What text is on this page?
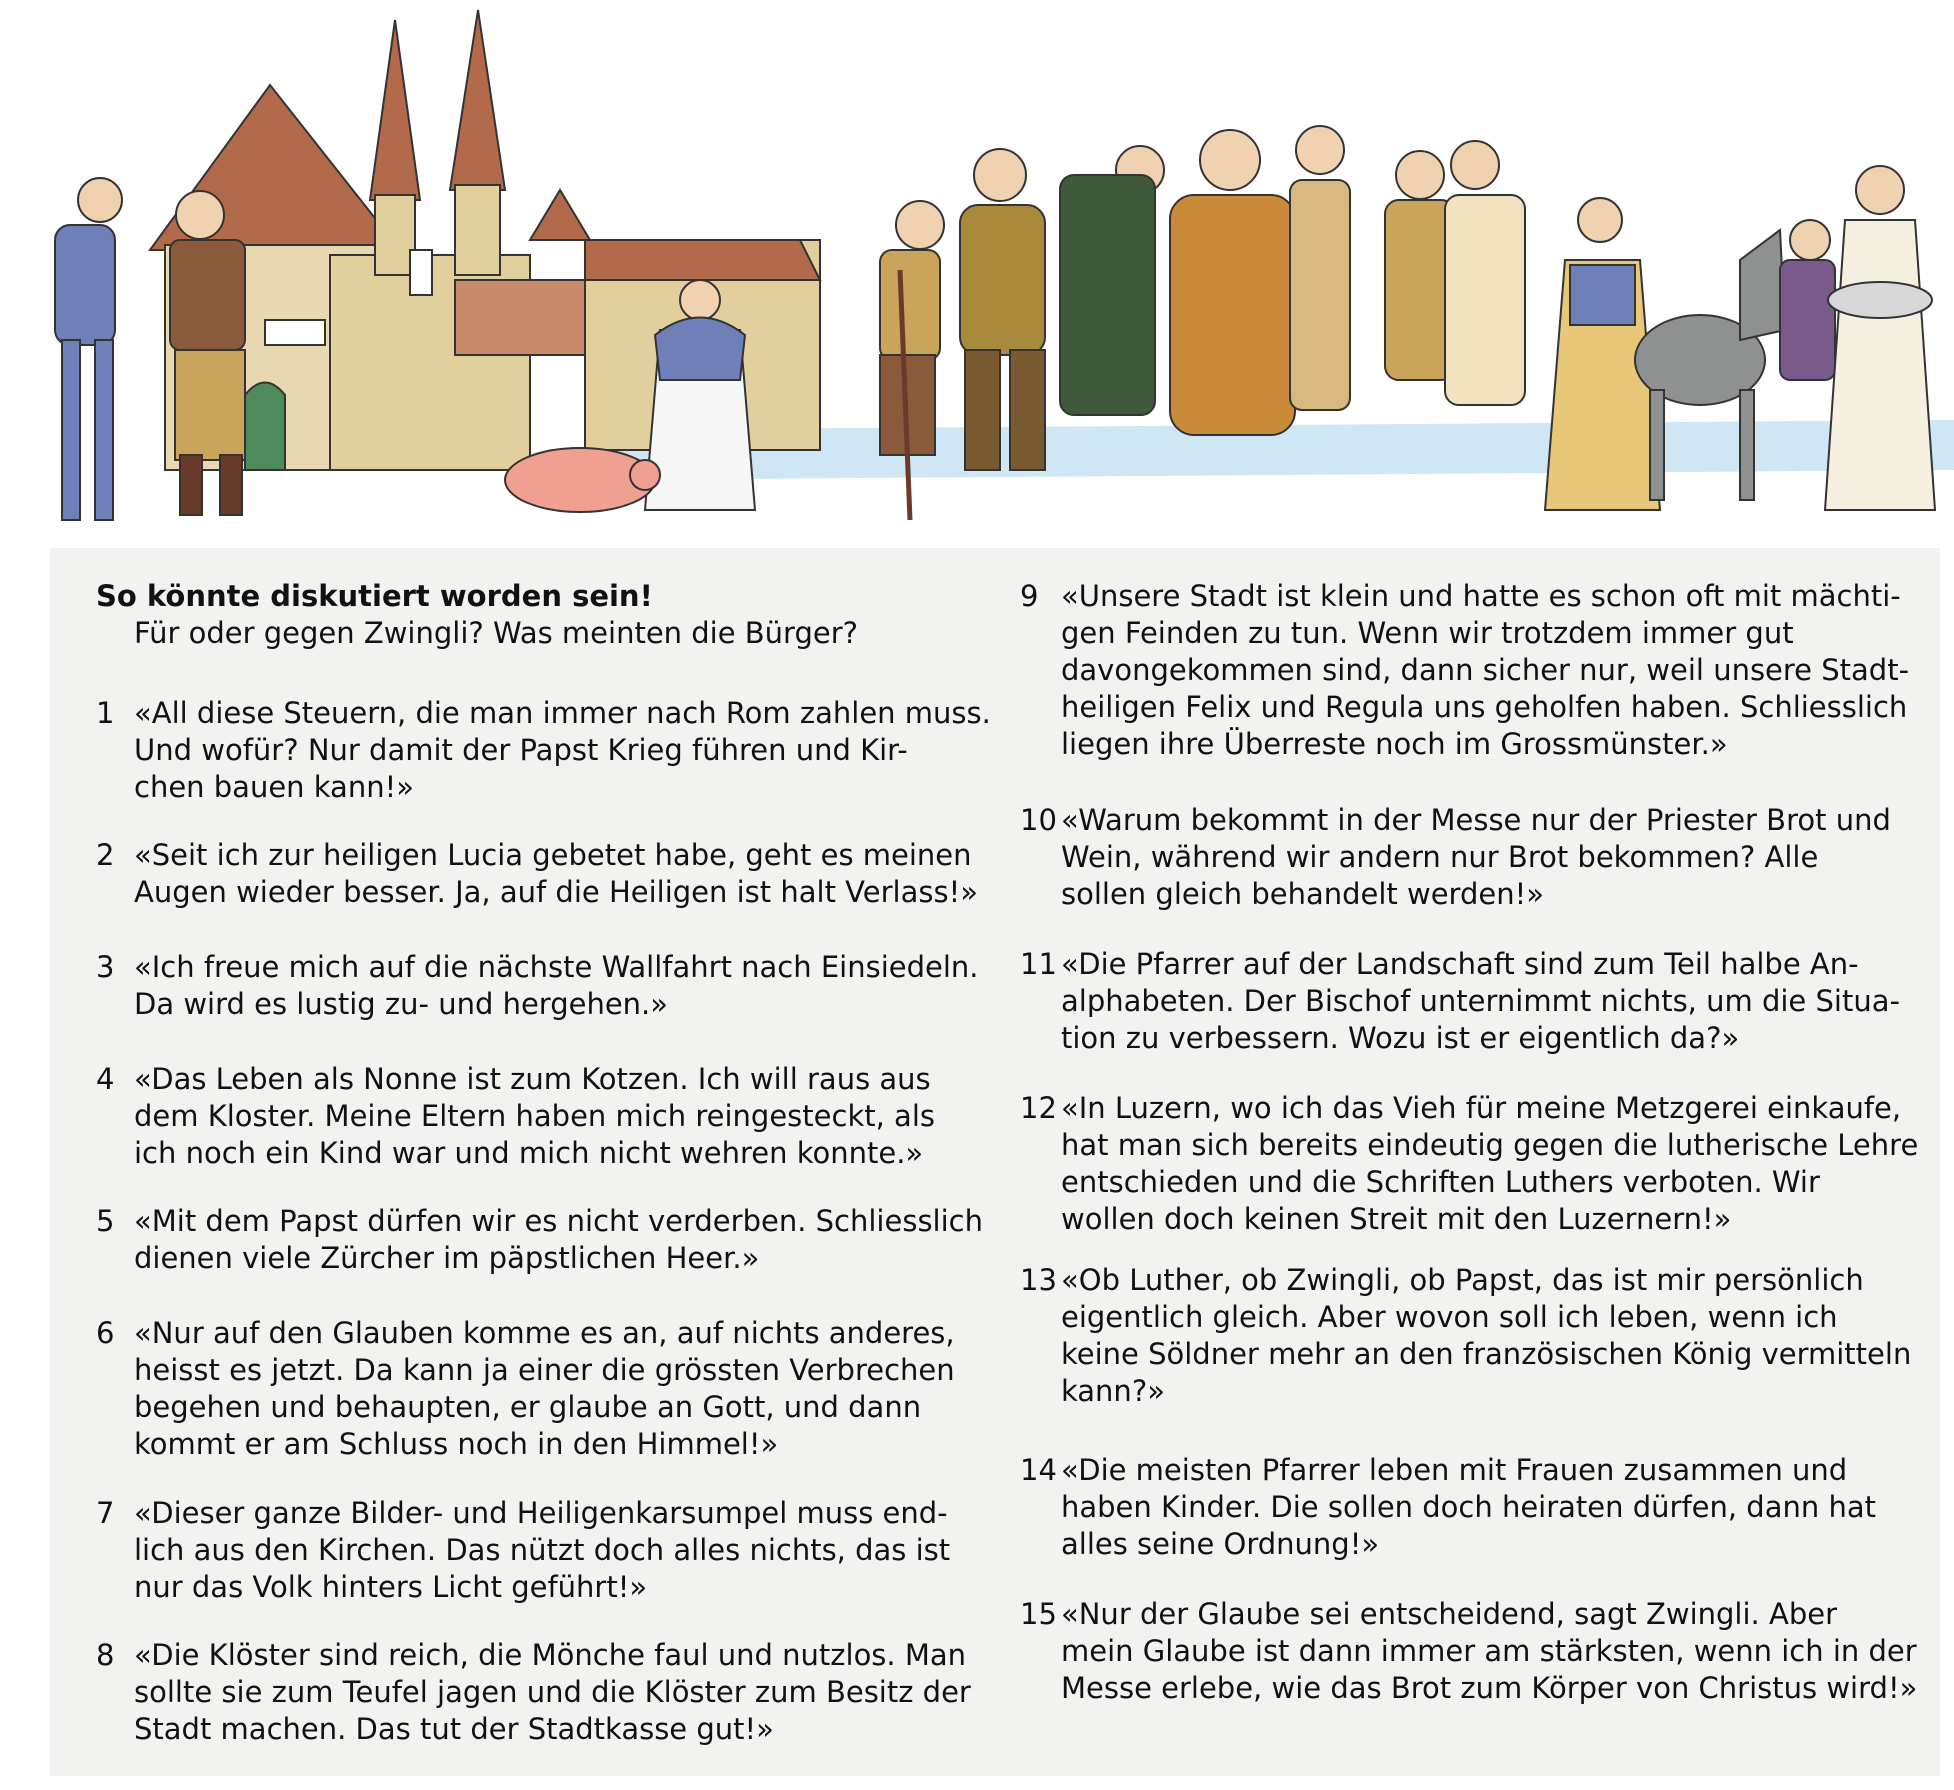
So könnte diskutiert worden sein!

Für oder gegen Zwingli? Was meinten die Bürger?

1 «All diese Steuern, die man immer nach Rom zahlen muss.
Und wofür? Nur damit der Papst Krieg führen und Kir-
chen bauen kann!»
2 «Seit ich zur heiligen Lucia gebetet habe, geht es meinen
Augen wieder besser. Ja, auf die Heiligen ist halt Verlass!»
3 «Ich freue mich auf die nächste Wallfahrt nach Einsiedeln.
Da wird es lustig zu- und hergehen.»
4 «Das Leben als Nonne ist zum Kotzen. Ich will raus aus
dem Kloster. Meine Eltern haben mich reingesteckt, als
ich noch ein Kind war und mich nicht wehren konnte.»
5 «Mit dem Papst dürfen wir es nicht verderben. Schliesslich
dienen viele Zürcher im päpstlichen Heer.»
6 «Nur auf den Glauben komme es an, auf nichts anderes,
heisst es jetzt. Da kann ja einer die grössten Verbrechen
begehen und behaupten, er glaube an Gott, und dann
kommt er am Schluss noch in den Himmel!»
7 «Dieser ganze Bilder- und Heiligenkarsumpel muss end-
lich aus den Kirchen. Das nützt doch alles nichts, das ist
nur das Volk hinters Licht geführt!»
8 «Die Klöster sind reich, die Mönche faul und nutzlos. Man
sollte sie zum Teufel jagen und die Klöster zum Besitz der
Stadt machen. Das tut der Stadtkasse gut!»
9 «Unsere Stadt ist klein und hatte es schon oft mit mächti-
gen Feinden zu tun. Wenn wir trotzdem immer gut
davongekommen sind, dann sicher nur, weil unsere Stadt-
heiligen Felix und Regula uns geholfen haben. Schliesslich
liegen ihre Überreste noch im Grossmünster.»
10 «Warum bekommt in der Messe nur der Priester Brot und
Wein, während wir andern nur Brot bekommen? Alle
sollen gleich behandelt werden!»
11 «Die Pfarrer auf der Landschaft sind zum Teil halbe An-
alphabeten. Der Bischof unternimmt nichts, um die Situa-
tion zu verbessern. Wozu ist er eigentlich da?»
12 «In Luzern, wo ich das Vieh für meine Metzgerei einkaufe,
hat man sich bereits eindeutig gegen die lutherische Lehre
entschieden und die Schriften Luthers verboten. Wir
wollen doch keinen Streit mit den Luzernern!»
13 «Ob Luther, ob Zwingli, ob Papst, das ist mir persönlich
eigentlich gleich. Aber wovon soll ich leben, wenn ich
keine Söldner mehr an den französischen König vermitteln
kann?»
14 «Die meisten Pfarrer leben mit Frauen zusammen und
haben Kinder. Die sollen doch heiraten dürfen, dann hat
alles seine Ordnung!»
15 «Nur der Glaube sei entscheidend, sagt Zwingli. Aber
mein Glaube ist dann immer am stärksten, wenn ich in der
Messe erlebe, wie das Brot zum Körper von Christus wird!»
